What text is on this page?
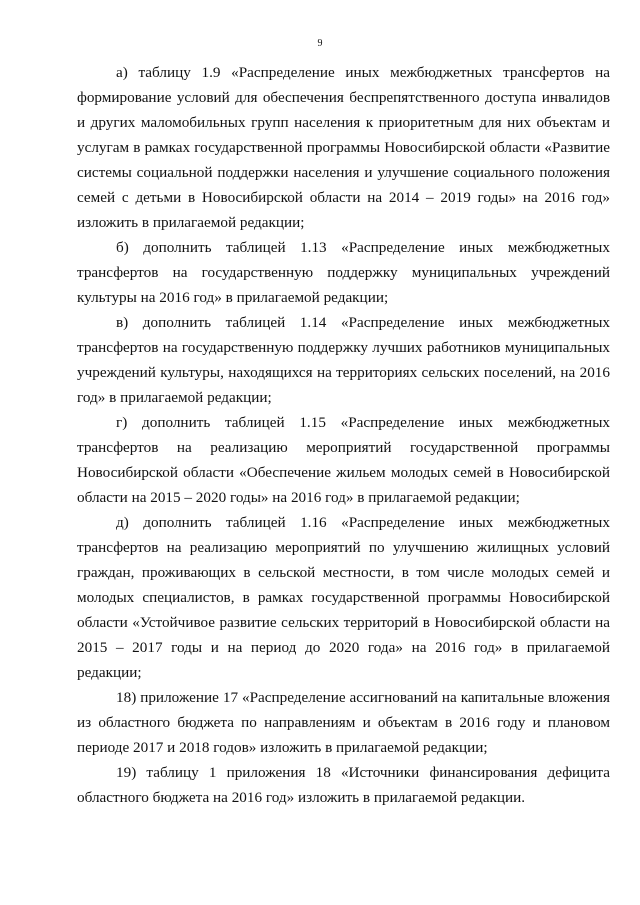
9

а) таблицу 1.9 «Распределение иных межбюджетных трансфертов на формирование условий для обеспечения беспрепятственного доступа инвалидов и других маломобильных групп населения к приоритетным для них объектам и услугам в рамках государственной программы Новосибирской области «Развитие системы социальной поддержки населения и улучшение социального положения семей с детьми в Новосибирской области на 2014 – 2019 годы» на 2016 год» изложить в прилагаемой редакции;

б) дополнить таблицей 1.13 «Распределение иных межбюджетных трансфертов на государственную поддержку муниципальных учреждений культуры на 2016 год» в прилагаемой редакции;

в) дополнить таблицей 1.14 «Распределение иных межбюджетных трансфертов на государственную поддержку лучших работников муниципальных учреждений культуры, находящихся на территориях сельских поселений, на 2016 год» в прилагаемой редакции;

г) дополнить таблицей 1.15 «Распределение иных межбюджетных трансфертов на реализацию мероприятий государственной программы Новосибирской области «Обеспечение жильем молодых семей в Новосибирской области на 2015 – 2020 годы» на 2016 год» в прилагаемой редакции;

д) дополнить таблицей 1.16 «Распределение иных межбюджетных трансфертов на реализацию мероприятий по улучшению жилищных условий граждан, проживающих в сельской местности, в том числе молодых семей и молодых специалистов, в рамках государственной программы Новосибирской области «Устойчивое развитие сельских территорий в Новосибирской области на 2015 – 2017 годы и на период до 2020 года» на 2016 год» в прилагаемой редакции;

18) приложение 17 «Распределение ассигнований на капитальные вложения из областного бюджета по направлениям и объектам в 2016 году и плановом периоде 2017 и 2018 годов» изложить в прилагаемой редакции;

19) таблицу 1 приложения 18 «Источники финансирования дефицита областного бюджета на 2016 год» изложить в прилагаемой редакции.
